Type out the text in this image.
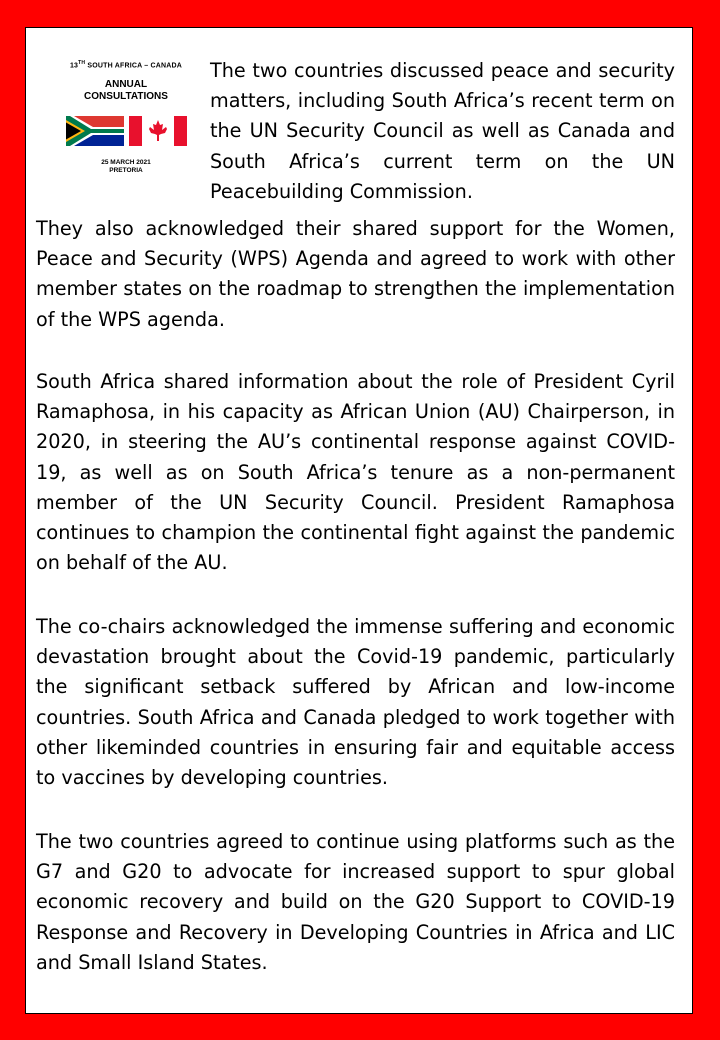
13TH SOUTH AFRICA – CANADA
ANNUAL
CONSULTATIONS
25 MARCH 2021
PRETORIA

The two countries discussed peace and security matters, including South Africa’s recent term on the UN Security Council as well as Canada and South Africa’s current term on the UN Peacebuilding Commission.

They also acknowledged their shared support for the Women, Peace and Security (WPS) Agenda and agreed to work with other member states on the roadmap to strengthen the implementation of the WPS agenda.

South Africa shared information about the role of President Cyril Ramaphosa, in his capacity as African Union (AU) Chairperson, in 2020, in steering the AU’s continental response against COVID-19, as well as on South Africa’s tenure as a non-permanent member of the UN Security Council. President Ramaphosa continues to champion the continental fight against the pandemic on behalf of the AU.

The co-chairs acknowledged the immense suffering and economic devastation brought about the Covid-19 pandemic, particularly the significant setback suffered by African and low-income countries. South Africa and Canada pledged to work together with other likeminded countries in ensuring fair and equitable access to vaccines by developing countries.

The two countries agreed to continue using platforms such as the G7 and G20 to advocate for increased support to spur global economic recovery and build on the G20 Support to COVID-19 Response and Recovery in Developing Countries in Africa and LIC and Small Island States.
